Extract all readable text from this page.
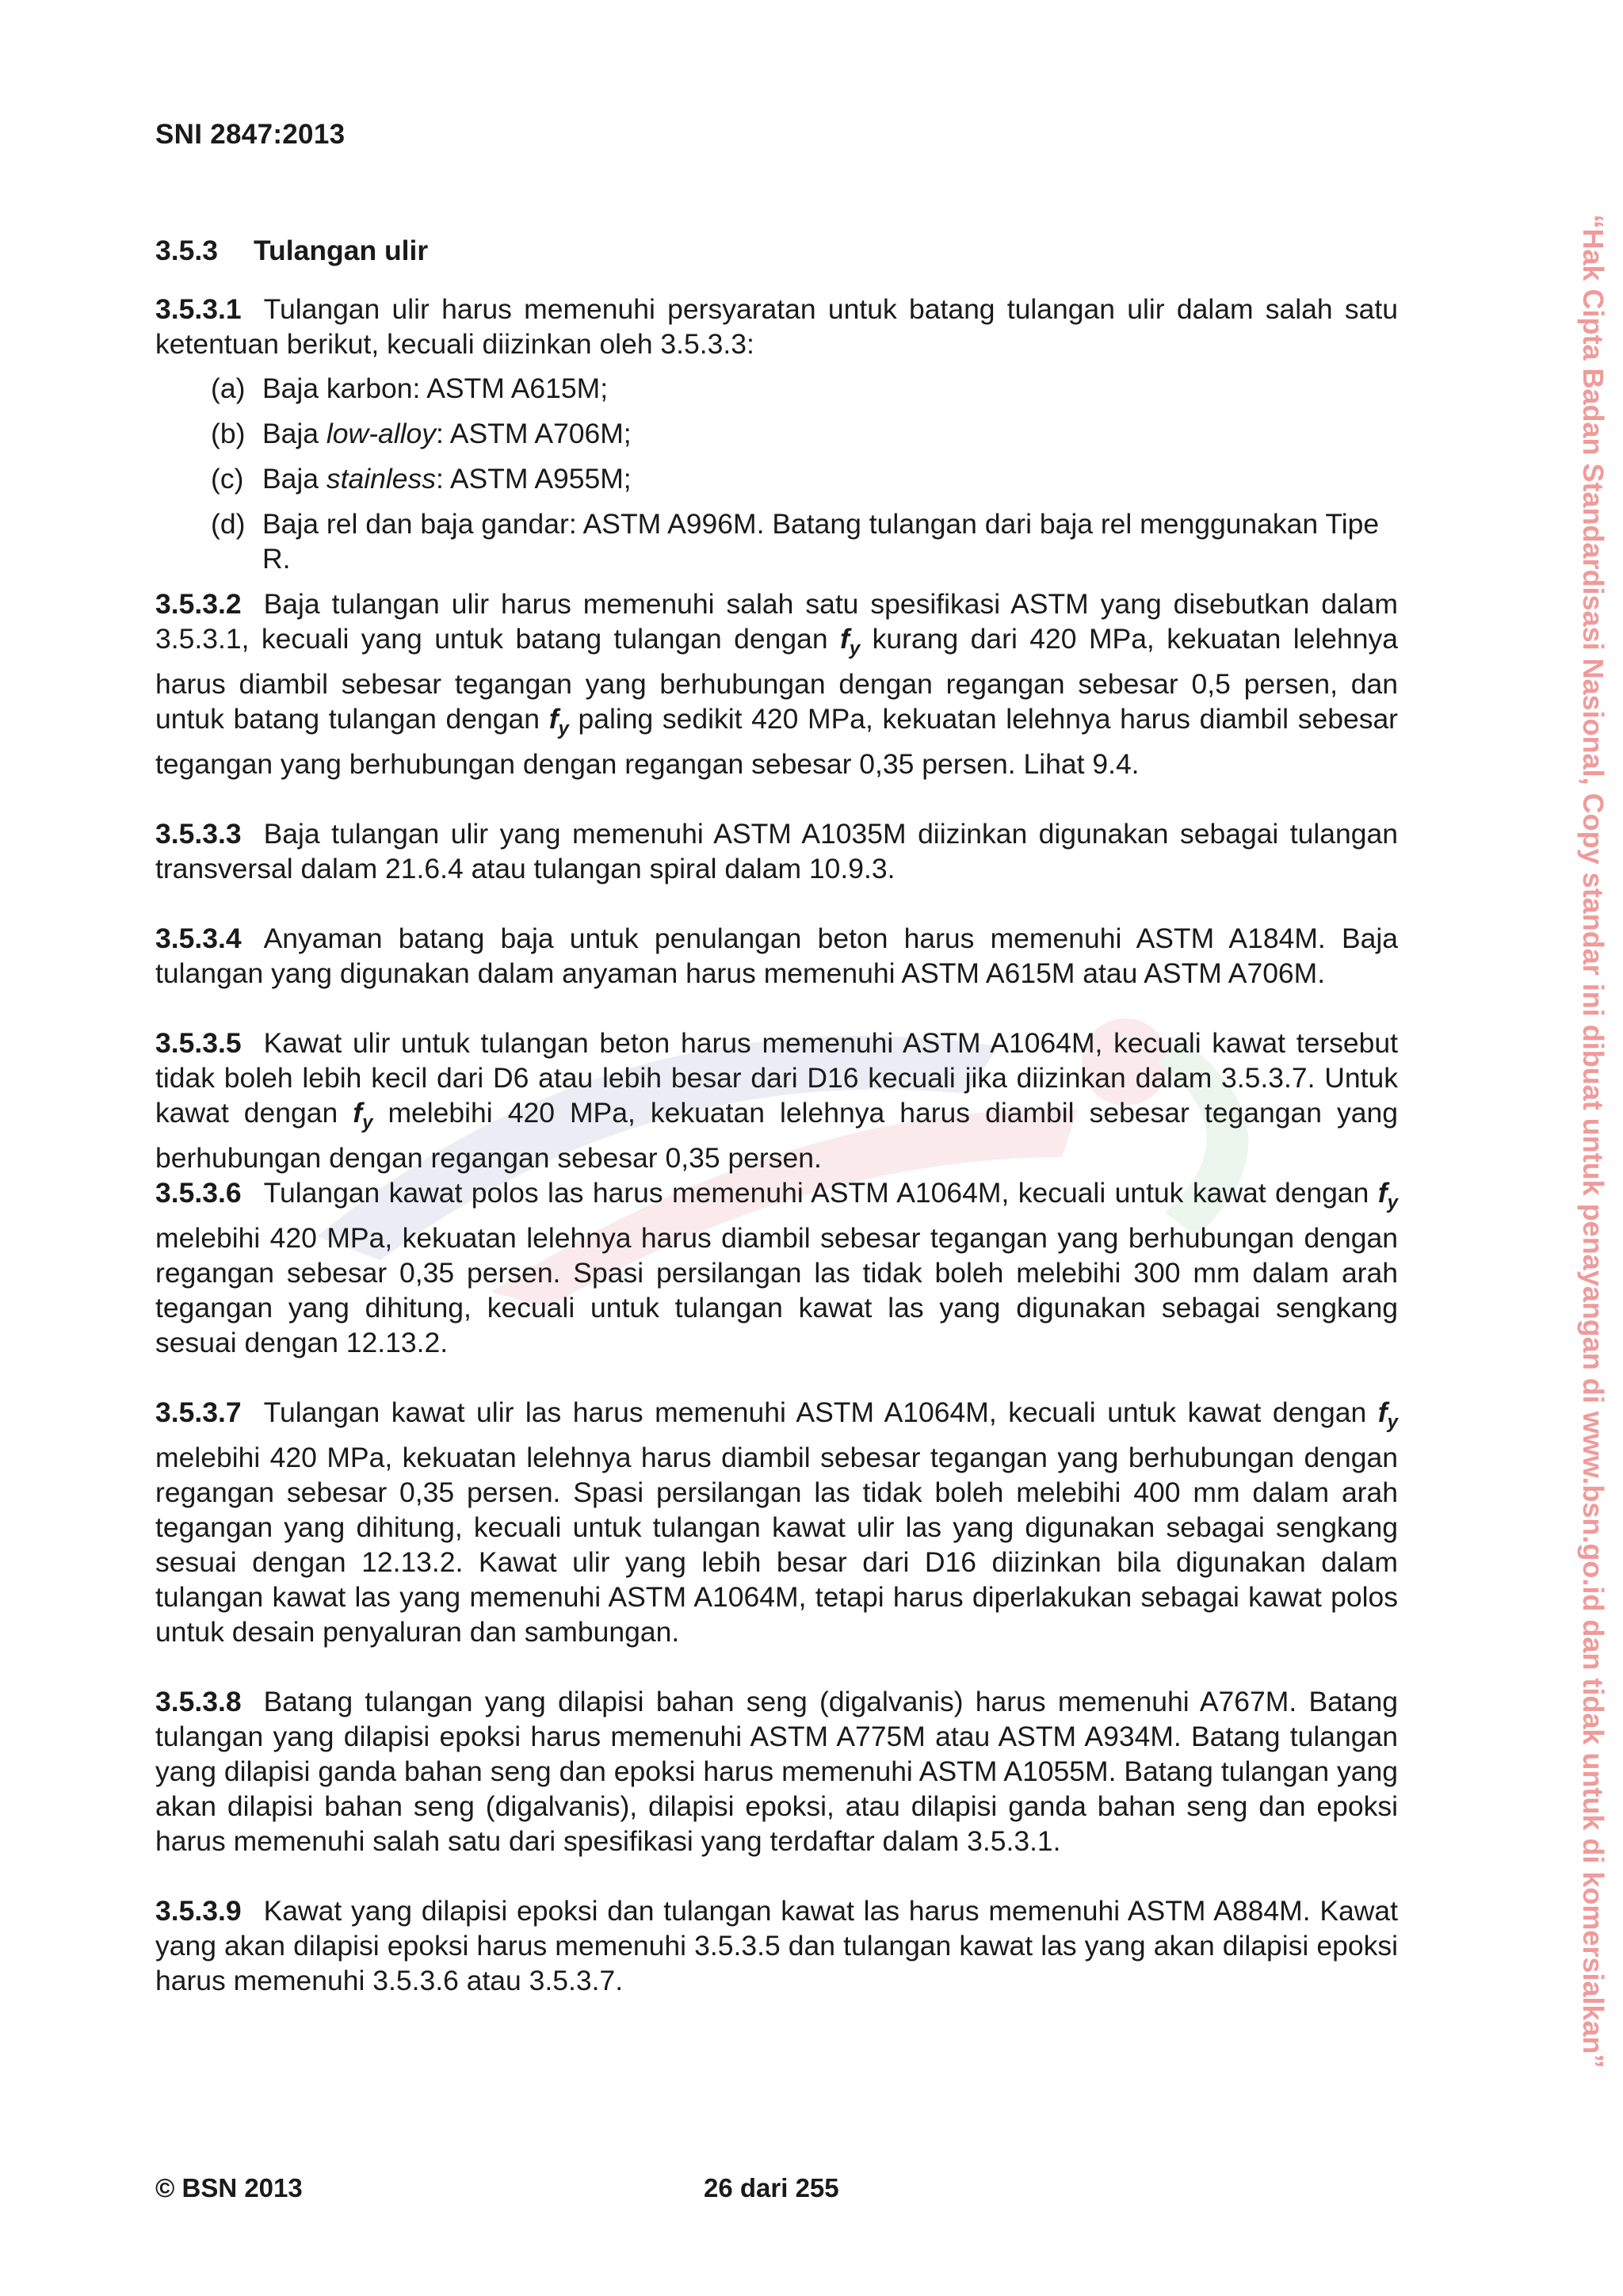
SNI 2847:2013
“Hak Cipta Badan Standardisasi Nasional, Copy standar ini dibuat untuk penayangan di www.bsn.go.id dan tidak untuk di komersialkan”
3.5.3 Tulangan ulir

3.5.3.1 Tulangan ulir harus memenuhi persyaratan untuk batang tulangan ulir dalam salah satu ketentuan berikut, kecuali diizinkan oleh 3.5.3.3:

(a) Baja karbon: ASTM A615M;
(b) Baja low-alloy: ASTM A706M;
(c) Baja stainless: ASTM A955M;
(d) Baja rel dan baja gandar: ASTM A996M. Batang tulangan dari baja rel menggunakan Tipe R.

3.5.3.2 Baja tulangan ulir harus memenuhi salah satu spesifikasi ASTM yang disebutkan dalam 3.5.3.1, kecuali yang untuk batang tulangan dengan $f_y$ kurang dari 420 MPa, kekuatan lelehnya harus diambil sebesar tegangan yang berhubungan dengan regangan sebesar 0,5 persen, dan untuk batang tulangan dengan $f_y$ paling sedikit 420 MPa, kekuatan lelehnya harus diambil sebesar tegangan yang berhubungan dengan regangan sebesar 0,35 persen. Lihat 9.4.

3.5.3.3 Baja tulangan ulir yang memenuhi ASTM A1035M diizinkan digunakan sebagai tulangan transversal dalam 21.6.4 atau tulangan spiral dalam 10.9.3.

3.5.3.4 Anyaman batang baja untuk penulangan beton harus memenuhi ASTM A184M. Baja tulangan yang digunakan dalam anyaman harus memenuhi ASTM A615M atau ASTM A706M.

3.5.3.5 Kawat ulir untuk tulangan beton harus memenuhi ASTM A1064M, kecuali kawat tersebut tidak boleh lebih kecil dari D6 atau lebih besar dari D16 kecuali jika diizinkan dalam 3.5.3.7. Untuk kawat dengan $f_y$ melebihi 420 MPa, kekuatan lelehnya harus diambil sebesar tegangan yang berhubungan dengan regangan sebesar 0,35 persen.

3.5.3.6 Tulangan kawat polos las harus memenuhi ASTM A1064M, kecuali untuk kawat dengan $f_y$ melebihi 420 MPa, kekuatan lelehnya harus diambil sebesar tegangan yang berhubungan dengan regangan sebesar 0,35 persen. Spasi persilangan las tidak boleh melebihi 300 mm dalam arah tegangan yang dihitung, kecuali untuk tulangan kawat las yang digunakan sebagai sengkang sesuai dengan 12.13.2.

3.5.3.7 Tulangan kawat ulir las harus memenuhi ASTM A1064M, kecuali untuk kawat dengan $f_y$ melebihi 420 MPa, kekuatan lelehnya harus diambil sebesar tegangan yang berhubungan dengan regangan sebesar 0,35 persen. Spasi persilangan las tidak boleh melebihi 400 mm dalam arah tegangan yang dihitung, kecuali untuk tulangan kawat ulir las yang digunakan sebagai sengkang sesuai dengan 12.13.2. Kawat ulir yang lebih besar dari D16 diizinkan bila digunakan dalam tulangan kawat las yang memenuhi ASTM A1064M, tetapi harus diperlakukan sebagai kawat polos untuk desain penyaluran dan sambungan.

3.5.3.8 Batang tulangan yang dilapisi bahan seng (digalvanis) harus memenuhi A767M. Batang tulangan yang dilapisi epoksi harus memenuhi ASTM A775M atau ASTM A934M. Batang tulangan yang dilapisi ganda bahan seng dan epoksi harus memenuhi ASTM A1055M. Batang tulangan yang akan dilapisi bahan seng (digalvanis), dilapisi epoksi, atau dilapisi ganda bahan seng dan epoksi harus memenuhi salah satu dari spesifikasi yang terdaftar dalam 3.5.3.1.

3.5.3.9 Kawat yang dilapisi epoksi dan tulangan kawat las harus memenuhi ASTM A884M. Kawat yang akan dilapisi epoksi harus memenuhi 3.5.3.5 dan tulangan kawat las yang akan dilapisi epoksi harus memenuhi 3.5.3.6 atau 3.5.3.7.

© BSN 2013	26 dari 255
